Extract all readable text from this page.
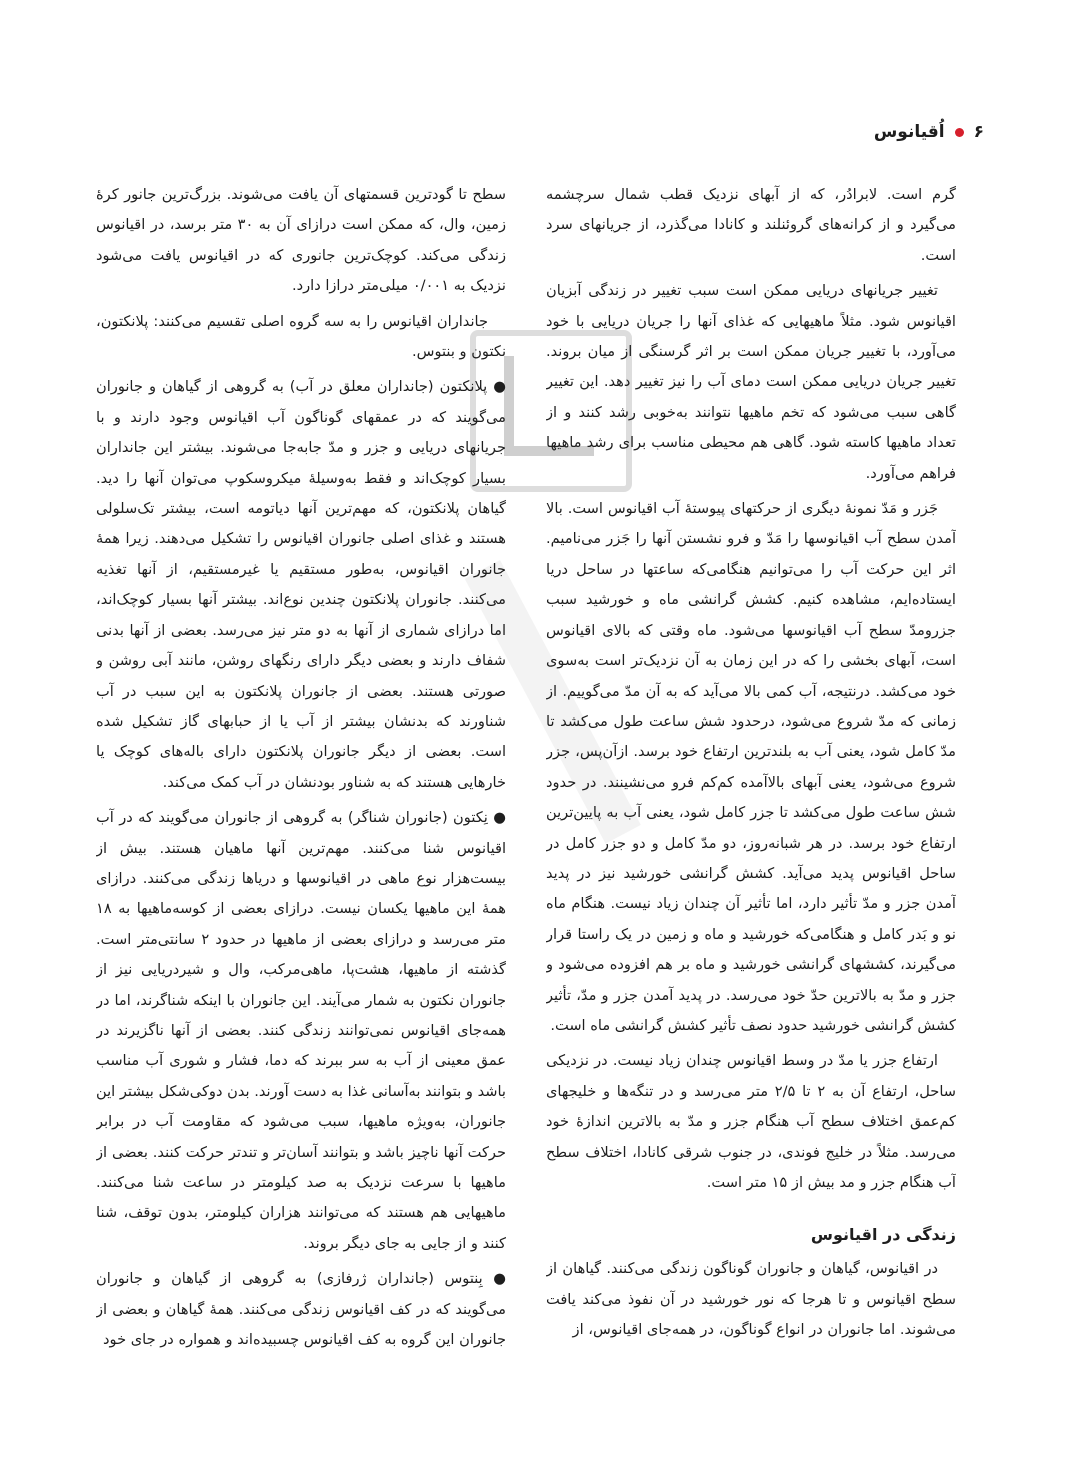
۶
اُقیانوس

گرم است. لابرادُر، که از آبهای نزدیک قطب شمال سرچشمه می‌گیرد و از کرانه‌های گروئنلند و کانادا می‌گذرد، از جریانهای سرد است.

تغییر جریانهای دریایی ممکن است سبب تغییر در زندگی آبزیان اقیانوس شود. مثلاً ماهیهایی که غذای آنها را جریان دریایی با خود می‌آورد، با تغییر جریان ممکن است بر اثر گرسنگی از میان بروند. تغییر جریان دریایی ممکن است دمای آب را نیز تغییر دهد. این تغییر گاهی سبب می‌شود که تخم ماهیها نتوانند به‌خوبی رشد کنند و از تعداد ماهیها کاسته شود. گاهی هم محیطی مناسب برای رشد ماهیها فراهم می‌آورد.

جَزر و مَدّ نمونهٔ دیگری از حرکتهای پیوستهٔ آب اقیانوس است. بالا آمدن سطح آب اقیانوسها را مَدّ و فرو نشستن آنها را جَزر می‌نامیم. اثر این حرکت آب را می‌توانیم هنگامی‌که ساعتها در ساحل دریا ایستاده‌ایم، مشاهده کنیم. کشش گرانشی ماه و خورشید سبب جزرومدّ سطح آب اقیانوسها می‌شود. ماه وقتی که بالای اقیانوس است، آبهای بخشی را که در این زمان به آن نزدیک‌تر است به‌سوی خود می‌کشد. درنتیجه، آب کمی بالا می‌آید که به آن مدّ می‌گوییم. از زمانی که مدّ شروع می‌شود، درحدود شش ساعت طول می‌کشد تا مدّ کامل شود، یعنی آب به بلندترین ارتفاع خود برسد. ازآن‌پس، جزر شروع می‌شود، یعنی آبهای بالاآمده کم‌کم فرو می‌نشینند. در حدود شش ساعت طول می‌کشد تا جزر کامل شود، یعنی آب به پایین‌ترین ارتفاع خود برسد. در هر شبانه‌روز، دو مدّ کامل و دو جزر کامل در ساحل اقیانوس پدید می‌آید. کشش گرانشی خورشید نیز در پدید آمدن جزر و مدّ تأثیر دارد، اما تأثیر آن چندان زیاد نیست. هنگام ماه نو و بَدر کامل و هنگامی‌که خورشید و ماه و زمین در یک راستا قرار می‌گیرند، کششهای گرانشی خورشید و ماه بر هم افزوده می‌شود و جزر و مدّ به بالاترین حدّ خود می‌رسد. در پدید آمدن جزر و مدّ، تأثیر کشش گرانشی خورشید حدود نصف تأثیر کشش گرانشی ماه است.

ارتفاع جزر یا مدّ در وسط اقیانوس چندان زیاد نیست. در نزدیکی ساحل، ارتفاع آن به ۲ تا ۲/۵ متر می‌رسد و در تنگه‌ها و خلیجهای کم‌عمق اختلاف سطح آب هنگام جزر و مدّ به بالاترین اندازهٔ خود می‌رسد. مثلاً در خلیج فوندی، در جنوب شرقی کانادا، اختلاف سطح آب هنگام جزر و مد بیش از ۱۵ متر است.

زندگی در اقیانوس

در اقیانوس، گیاهان و جانوران گوناگون زندگی می‌کنند. گیاهان از سطح اقیانوس و تا هرجا که نور خورشید در آن نفوذ می‌کند یافت می‌شوند. اما جانوران در انواع گوناگون، در همه‌جای اقیانوس، از

سطح تا گودترین قسمتهای آن یافت می‌شوند. بزرگ‌ترین جانور کرهٔ زمین، وال، که ممکن است درازای آن به ۳۰ متر برسد، در اقیانوس زندگی می‌کند. کوچک‌ترین جانوری که در اقیانوس یافت می‌شود نزدیک به ۰/۰۰۱ میلی‌متر درازا دارد.

جانداران اقیانوس را به سه گروه اصلی تقسیم می‌کنند: پلانکتون، نکتون و بنتوس.

● پلانکتون (جانداران معلق در آب) به گروهی از گیاهان و جانوران می‌گویند که در عمقهای گوناگون آب اقیانوس وجود دارند و با جریانهای دریایی و جزر و مدّ جابه‌جا می‌شوند. بیشتر این جانداران بسیار کوچک‌اند و فقط به‌وسیلهٔ میکروسکوپ می‌توان آنها را دید. گیاهان پلانکتون، که مهم‌ترین آنها دیاتومه است، بیشتر تک‌سلولی هستند و غذای اصلی جانوران اقیانوس را تشکیل می‌دهند. زیرا همهٔ جانوران اقیانوس، به‌طور مستقیم یا غیرمستقیم، از آنها تغذیه می‌کنند. جانوران پلانکتون چندین نوع‌اند. بیشتر آنها بسیار کوچک‌اند، اما درازای شماری از آنها به دو متر نیز می‌رسد. بعضی از آنها بدنی شفاف دارند و بعضی دیگر دارای رنگهای روشن، مانند آبی روشن و صورتی هستند. بعضی از جانوران پلانکتون به این سبب در آب شناورند که بدنشان بیشتر از آب یا از حبابهای گاز تشکیل شده است. بعضی از دیگر جانوران پلانکتون دارای باله‌های کوچک یا خارهایی هستند که به شناور بودنشان در آب کمک می‌کند.

● نِکتون (جانوران شناگر) به گروهی از جانوران می‌گویند که در آب اقیانوس شنا می‌کنند. مهم‌ترین آنها ماهیان هستند. بیش از بیست‌هزار نوع ماهی در اقیانوسها و دریاها زندگی می‌کنند. درازای همهٔ این ماهیها یکسان نیست. درازای بعضی از کوسه‌ماهیها به ۱۸ متر می‌رسد و درازای بعضی از ماهیها در حدود ۲ سانتی‌متر است. گذشته از ماهیها، هشت‌پا، ماهی‌مرکب، وال و شیردریایی نیز از جانوران نکتون به شمار می‌آیند. این جانوران با اینکه شناگرند، اما در همه‌جای اقیانوس نمی‌توانند زندگی کنند. بعضی از آنها ناگزیرند در عمق معینی از آب به سر ببرند که دما، فشار و شوری آب مناسب باشد و بتوانند به‌آسانی غذا به دست آورند. بدن دوکی‌شکل بیشتر این جانوران، به‌ویژه ماهیها، سبب می‌شود که مقاومت آب در برابر حرکت آنها ناچیز باشد و بتوانند آسان‌تر و تندتر حرکت کنند. بعضی از ماهیها با سرعت نزدیک به صد کیلومتر در ساعت شنا می‌کنند. ماهیهایی هم هستند که می‌توانند هزاران کیلومتر، بدون توقف، شنا کنند و از جایی به جای دیگر بروند.

● بِنتوس (جانداران ژرفازی) به گروهی از گیاهان و جانوران می‌گویند که در کف اقیانوس زندگی می‌کنند. همهٔ گیاهان و بعضی از جانوران این گروه به کف اقیانوس چسبیده‌اند و همواره در جای خود
